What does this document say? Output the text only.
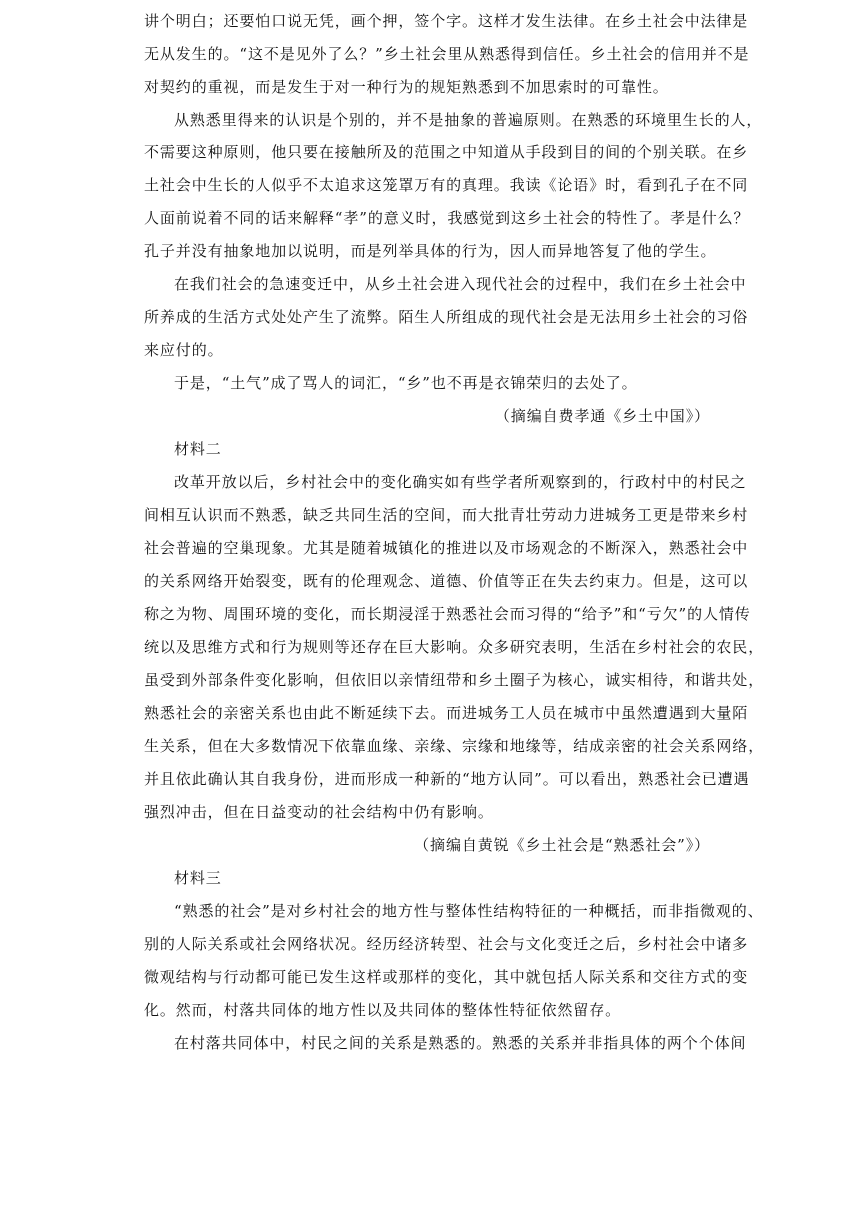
讲个明白；还要怕口说无凭，画个押，签个字。这样才发生法律。在乡土社会中法律是
无从发生的。“这不是见外了么？”乡土社会里从熟悉得到信任。乡土社会的信用并不是
对契约的重视，而是发生于对一种行为的规矩熟悉到不加思索时的可靠性。
从熟悉里得来的认识是个别的，并不是抽象的普遍原则。在熟悉的环境里生长的人，
不需要这种原则，他只要在接触所及的范围之中知道从手段到目的间的个别关联。在乡
土社会中生长的人似乎不太追求这笼罩万有的真理。我读《论语》时，看到孔子在不同
人面前说着不同的话来解释“孝”的意义时，我感觉到这乡土社会的特性了。孝是什么？
孔子并没有抽象地加以说明，而是列举具体的行为，因人而异地答复了他的学生。
在我们社会的急速变迁中，从乡土社会进入现代社会的过程中，我们在乡土社会中
所养成的生活方式处处产生了流弊。陌生人所组成的现代社会是无法用乡土社会的习俗
来应付的。
于是，“土气”成了骂人的词汇，“乡”也不再是衣锦荣归的去处了。
（摘编自费孝通《乡土中国》）
材料二
改革开放以后，乡村社会中的变化确实如有些学者所观察到的，行政村中的村民之
间相互认识而不熟悉，缺乏共同生活的空间，而大批青壮劳动力进城务工更是带来乡村
社会普遍的空巢现象。尤其是随着城镇化的推进以及市场观念的不断深入，熟悉社会中
的关系网络开始裂变，既有的伦理观念、道德、价值等正在失去约束力。但是，这可以
称之为物、周围环境的变化，而长期浸淫于熟悉社会而习得的“给予”和“亏欠”的人情传
统以及思维方式和行为规则等还存在巨大影响。众多研究表明，生活在乡村社会的农民，
虽受到外部条件变化影响，但依旧以亲情纽带和乡土圈子为核心，诚实相待，和谐共处，
熟悉社会的亲密关系也由此不断延续下去。而进城务工人员在城市中虽然遭遇到大量陌
生关系，但在大多数情况下依靠血缘、亲缘、宗缘和地缘等，结成亲密的社会关系网络，
并且依此确认其自我身份，进而形成一种新的“地方认同”。可以看出，熟悉社会已遭遇
强烈冲击，但在日益变动的社会结构中仍有影响。
（摘编自黄锐《乡土社会是“熟悉社会”》）
材料三
“熟悉的社会”是对乡村社会的地方性与整体性结构特征的一种概括，而非指微观的、
别的人际关系或社会网络状况。经历经济转型、社会与文化变迁之后，乡村社会中诸多
微观结构与行动都可能已发生这样或那样的变化，其中就包括人际关系和交往方式的变
化。然而，村落共同体的地方性以及共同体的整体性特征依然留存。
在村落共同体中，村民之间的关系是熟悉的。熟悉的关系并非指具体的两个个体间
